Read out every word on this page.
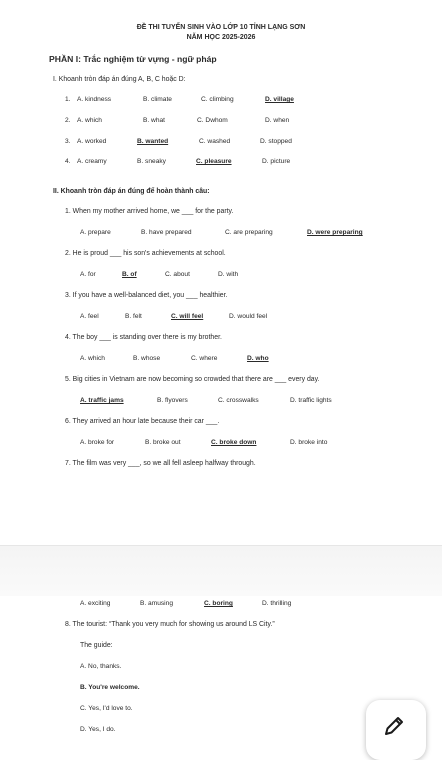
ĐỀ THI TUYỂN SINH VÀO LỚP 10 TỈNH LẠNG SƠN
NĂM HỌC 2025-2026
PHẦN I: Trắc nghiệm từ vựng - ngữ pháp
I. Khoanh tròn đáp án đúng A, B, C hoặc D:
1. A. kindness	B. climate	C. climbing	D. village
2. A. which	B. what	C. Dwhom	D. when
3. A. worked	B. wanted	C. washed	D. stopped
4. A. creamy	B. sneaky	C. pleasure	D. picture
II. Khoanh tròn đáp án đúng để hoàn thành câu:
1. When my mother arrived home, we ___ for the party.
A. prepare	B. have prepared	C. are preparing	D. were preparing
2. He is proud ___ his son's achievements at school.
A. for	B. of	C. about	D. with
3. If you have a well-balanced diet, you ___ healthier.
A. feel	B. felt	C. will feel	D. would feel
4. The boy ___ is standing over there is my brother.
A. which	B. whose	C. where	D. who
5. Big cities in Vietnam are now becoming so crowded that there are ___ every day.
A. traffic jams	B. flyovers	C. crosswalks	D. traffic lights
6. They arrived an hour late because their car ___.
A. broke for	B. broke out	C. broke down	D. broke into
7. The film was very ___, so we all fell asleep halfway through.
A. exciting	B. amusing	C. boring	D. thrilling
8. The tourist: “Thank you very much for showing us around LS City.”
The guide:
A. No, thanks.
B. You're welcome.
C. Yes, I'd love to.
D. Yes, I do.
